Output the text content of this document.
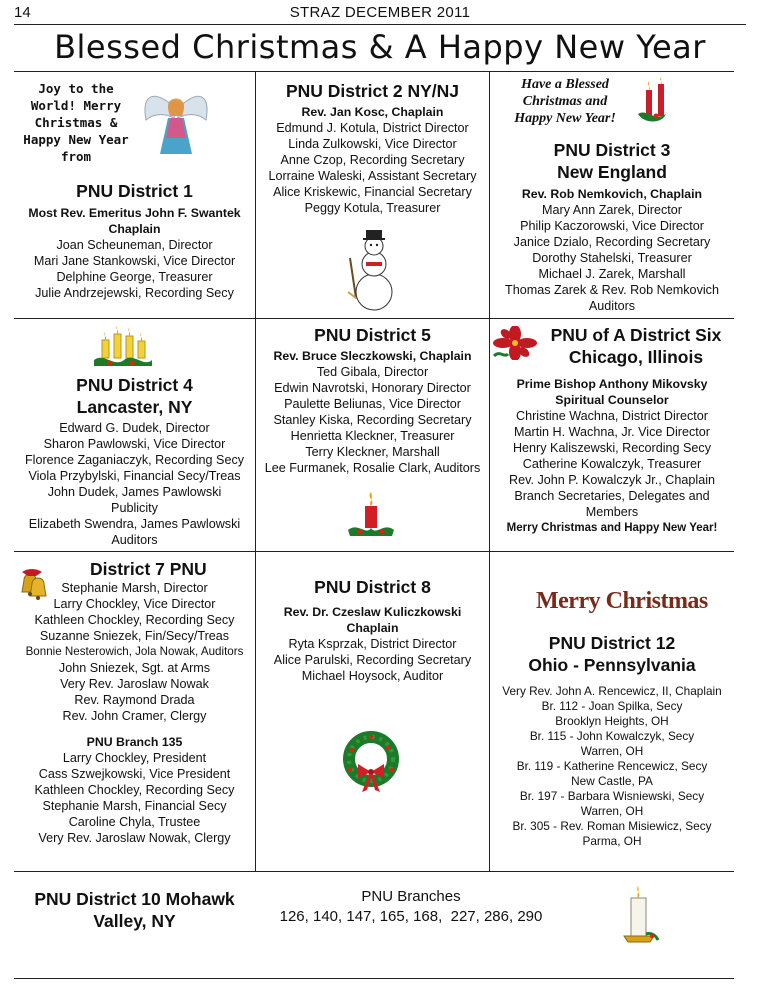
14	STRAZ DECEMBER 2011
Blessed Christmas & A Happy New Year
Joy to the World! Merry Christmas & Happy New Year from
PNU District 1
Most Rev. Emeritus John F. Swantek
Chaplain
Joan Scheuneman, Director
Mari Jane Stankowski, Vice Director
Delphine George, Treasurer
Julie Andrzejewski, Recording Secy
PNU District 2 NY/NJ
Rev. Jan Kosc, Chaplain
Edmund J. Kotula, District Director
Linda Zulkowski, Vice Director
Anne Czop, Recording Secretary
Lorraine Waleski, Assistant Secretary
Alice Kriskewic, Financial Secretary
Peggy Kotula, Treasurer
Have a Blessed Christmas and Happy New Year!
PNU District 3
New England
Rev. Rob Nemkovich, Chaplain
Mary Ann Zarek, Director
Philip Kaczorowski, Vice Director
Janice Dzialo, Recording Secretary
Dorothy Stahelski, Treasurer
Michael J. Zarek, Marshall
Thomas Zarek & Rev. Rob Nemkovich
Auditors
PNU District 4
Lancaster, NY
Edward G. Dudek, Director
Sharon Pawlowski, Vice Director
Florence Zaganiaczyk, Recording Secy
Viola Przybylski, Financial Secy/Treas
John Dudek, James Pawlowski
Publicity
Elizabeth Swendra, James Pawlowski
Auditors
PNU District 5
Rev. Bruce Sleczkowski, Chaplain
Ted Gibala, Director
Edwin Navrotski, Honorary Director
Paulette Beliunas, Vice Director
Stanley Kiska, Recording Secretary
Henrietta Kleckner, Treasurer
Terry Kleckner, Marshall
Lee Furmanek, Rosalie Clark, Auditors
PNU of A District Six
Chicago, Illinois
Prime Bishop Anthony Mikovsky
Spiritual Counselor
Christine Wachna, District Director
Martin H. Wachna, Jr. Vice Director
Henry Kaliszewski, Recording Secy
Catherine Kowalczyk, Treasurer
Rev. John P. Kowalczyk Jr., Chaplain
Branch Secretaries, Delegates and
Members
Merry Christmas and Happy New Year!
District 7 PNU
Stephanie Marsh, Director
Larry Chockley, Vice Director
Kathleen Chockley, Recording Secy
Suzanne Sniezek, Fin/Secy/Treas
Bonnie Nesterowich, Jola Nowak, Auditors
John Sniezek, Sgt. at Arms
Very Rev. Jaroslaw Nowak
Rev. Raymond Drada
Rev. John Cramer, Clergy
PNU Branch 135
Larry Chockley, President
Cass Szwejkowski, Vice President
Kathleen Chockley, Recording Secy
Stephanie Marsh, Financial Secy
Caroline Chyla, Trustee
Very Rev. Jaroslaw Nowak, Clergy
PNU District 8
Rev. Dr. Czeslaw Kuliczkowski
Chaplain
Ryta Ksprzak, District Director
Alice Parulski, Recording Secretary
Michael Hoysock, Auditor
Merry Christmas
PNU District 12
Ohio - Pennsylvania
Very Rev. John A. Rencewicz, II, Chaplain
Br. 112 - Joan Spilka, Secy
Brooklyn Heights, OH
Br. 115 - John Kowalczyk, Secy
Warren, OH
Br. 119 - Katherine Rencewicz, Secy
New Castle, PA
Br. 197 - Barbara Wisniewski, Secy
Warren, OH
Br. 305 - Rev. Roman Misiewicz, Secy
Parma, OH
PNU District 10 Mohawk Valley, NY
PNU Branches 126, 140, 147, 165, 168,  227, 286, 290
